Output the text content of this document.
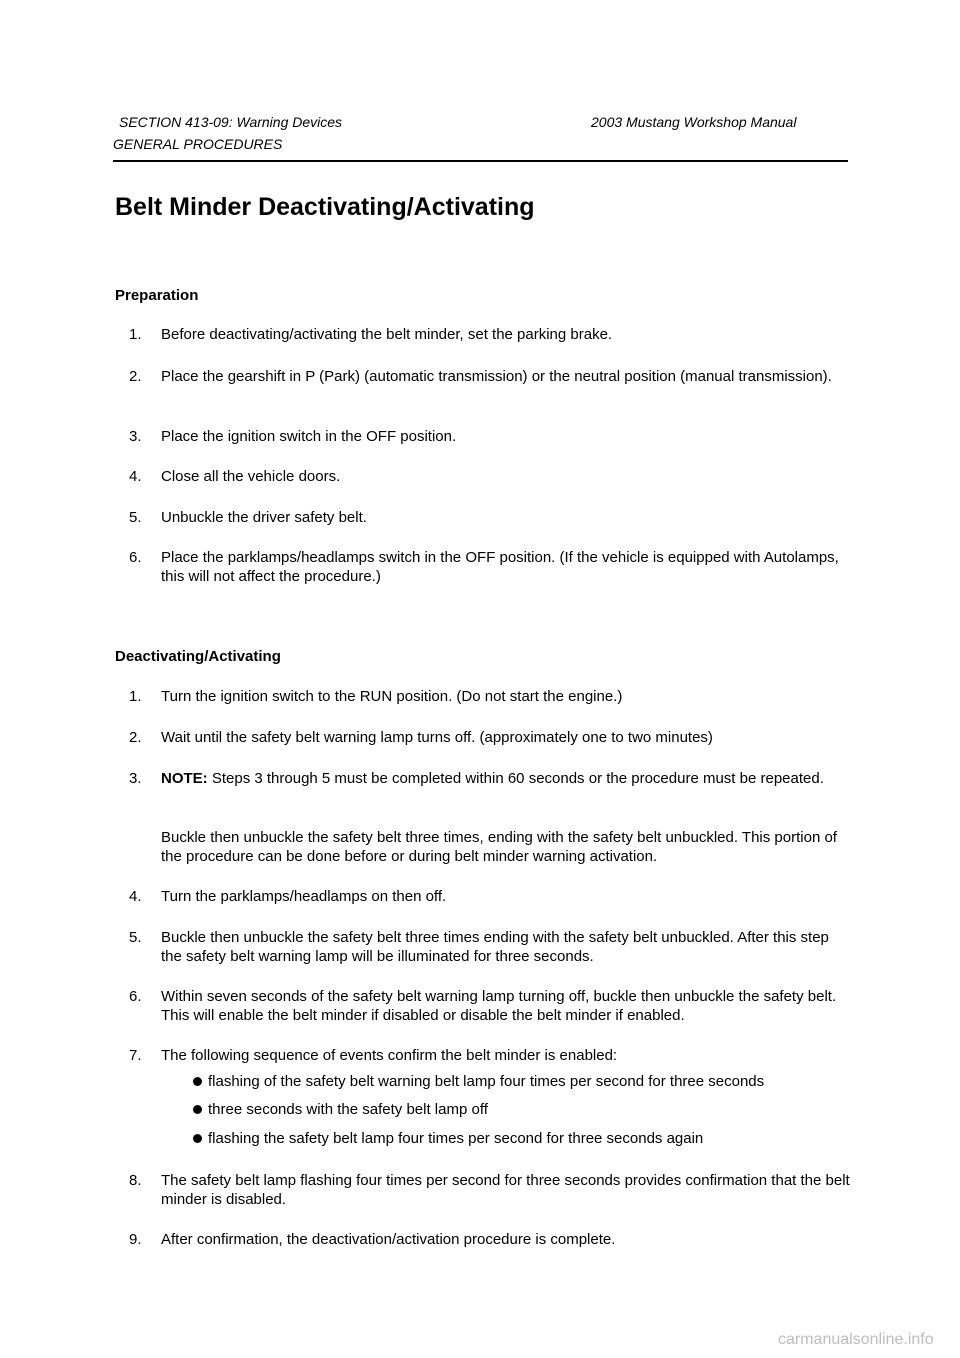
SECTION 413-09: Warning Devices	2003 Mustang Workshop Manual
GENERAL PROCEDURES
Belt Minder Deactivating/Activating
Preparation
1. Before deactivating/activating the belt minder, set the parking brake.
2. Place the gearshift in P (Park) (automatic transmission) or the neutral position (manual transmission).
3. Place the ignition switch in the OFF position.
4. Close all the vehicle doors.
5. Unbuckle the driver safety belt.
6. Place the parklamps/headlamps switch in the OFF position. (If the vehicle is equipped with Autolamps, this will not affect the procedure.)
Deactivating/Activating
1. Turn the ignition switch to the RUN position. (Do not start the engine.)
2. Wait until the safety belt warning lamp turns off. (approximately one to two minutes)
3. NOTE: Steps 3 through 5 must be completed within 60 seconds or the procedure must be repeated.
Buckle then unbuckle the safety belt three times, ending with the safety belt unbuckled. This portion of the procedure can be done before or during belt minder warning activation.
4. Turn the parklamps/headlamps on then off.
5. Buckle then unbuckle the safety belt three times ending with the safety belt unbuckled. After this step the safety belt warning lamp will be illuminated for three seconds.
6. Within seven seconds of the safety belt warning lamp turning off, buckle then unbuckle the safety belt. This will enable the belt minder if disabled or disable the belt minder if enabled.
7. The following sequence of events confirm the belt minder is enabled:
flashing of the safety belt warning belt lamp four times per second for three seconds
three seconds with the safety belt lamp off
flashing the safety belt lamp four times per second for three seconds again
8. The safety belt lamp flashing four times per second for three seconds provides confirmation that the belt minder is disabled.
9. After confirmation, the deactivation/activation procedure is complete.
carmanualsonline.info
